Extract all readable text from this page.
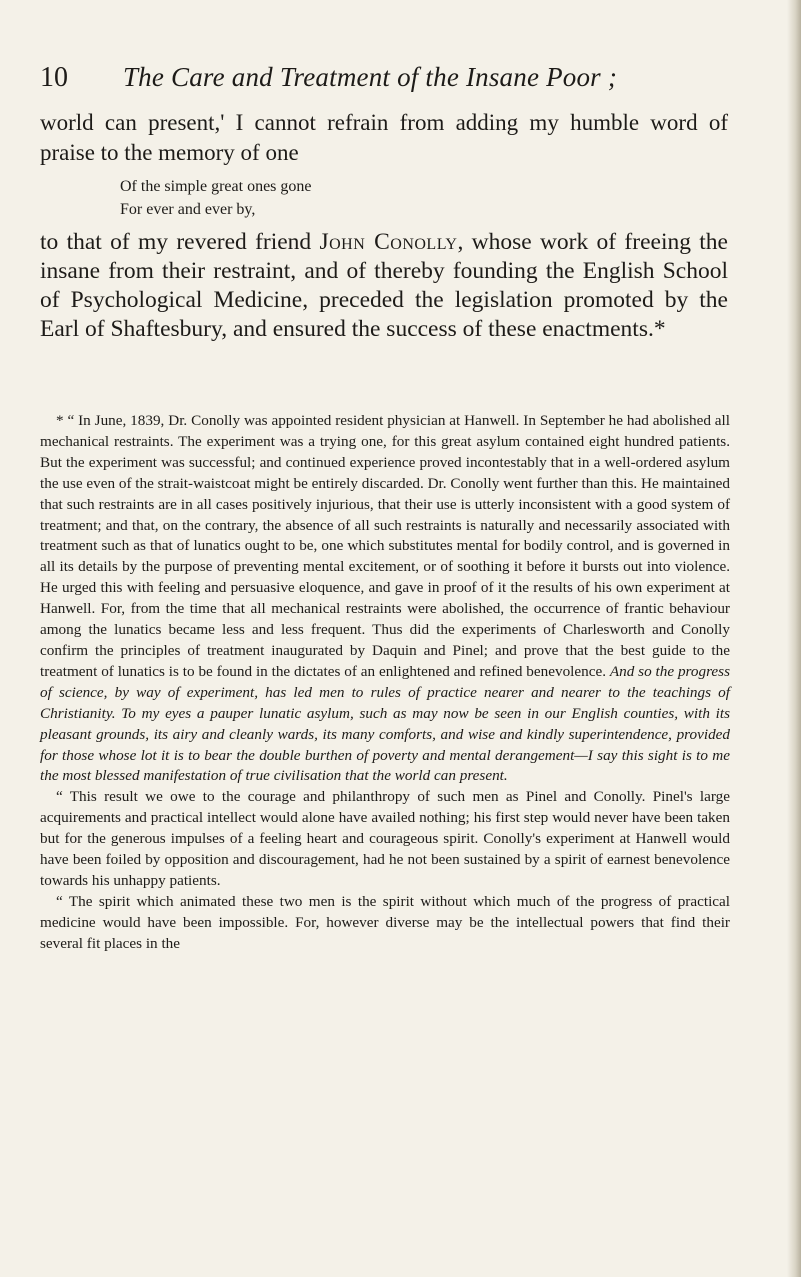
10	The Care and Treatment of the Insane Poor ;

world can present,' I cannot refrain from adding my humble word of praise to the memory of one

Of the simple great ones gone
For ever and ever by,

to that of my revered friend John Conolly, whose work of freeing the insane from their restraint, and of thereby founding the English School of Psychological Medicine, preceded the legislation promoted by the Earl of Shaftesbury, and ensured the success of these enactments.*

* “ In June, 1839, Dr. Conolly was appointed resident physician at Hanwell. In September he had abolished all mechanical restraints. The experiment was a trying one, for this great asylum contained eight hundred patients. But the experiment was successful; and continued experience proved incontestably that in a well-ordered asylum the use even of the strait-waistcoat might be entirely discarded. Dr. Conolly went further than this. He maintained that such restraints are in all cases positively injurious, that their use is utterly inconsistent with a good system of treatment; and that, on the contrary, the absence of all such restraints is naturally and necessarily associated with treatment such as that of lunatics ought to be, one which substitutes mental for bodily control, and is governed in all its details by the purpose of preventing mental excitement, or of soothing it before it bursts out into violence. He urged this with feeling and persuasive eloquence, and gave in proof of it the results of his own experiment at Hanwell. For, from the time that all mechanical restraints were abolished, the occurrence of frantic behaviour among the lunatics became less and less frequent. Thus did the experiments of Charlesworth and Conolly confirm the principles of treatment inaugurated by Daquin and Pinel; and prove that the best guide to the treatment of lunatics is to be found in the dictates of an enlightened and refined benevolence. And so the progress of science, by way of experiment, has led men to rules of practice nearer and nearer to the teachings of Christianity. To my eyes a pauper lunatic asylum, such as may now be seen in our English counties, with its pleasant grounds, its airy and cleanly wards, its many comforts, and wise and kindly superintendence, provided for those whose lot it is to bear the double burthen of poverty and mental derangement—I say this sight is to me the most blessed manifestation of true civilisation that the world can present.

“ This result we owe to the courage and philanthropy of such men as Pinel and Conolly. Pinel's large acquirements and practical intellect would alone have availed nothing; his first step would never have been taken but for the generous impulses of a feeling heart and courageous spirit. Conolly's experiment at Hanwell would have been foiled by opposition and discouragement, had he not been sustained by a spirit of earnest benevolence towards his unhappy patients.

“ The spirit which animated these two men is the spirit without which much of the progress of practical medicine would have been impossible. For, however diverse may be the intellectual powers that find their several fit places in the
